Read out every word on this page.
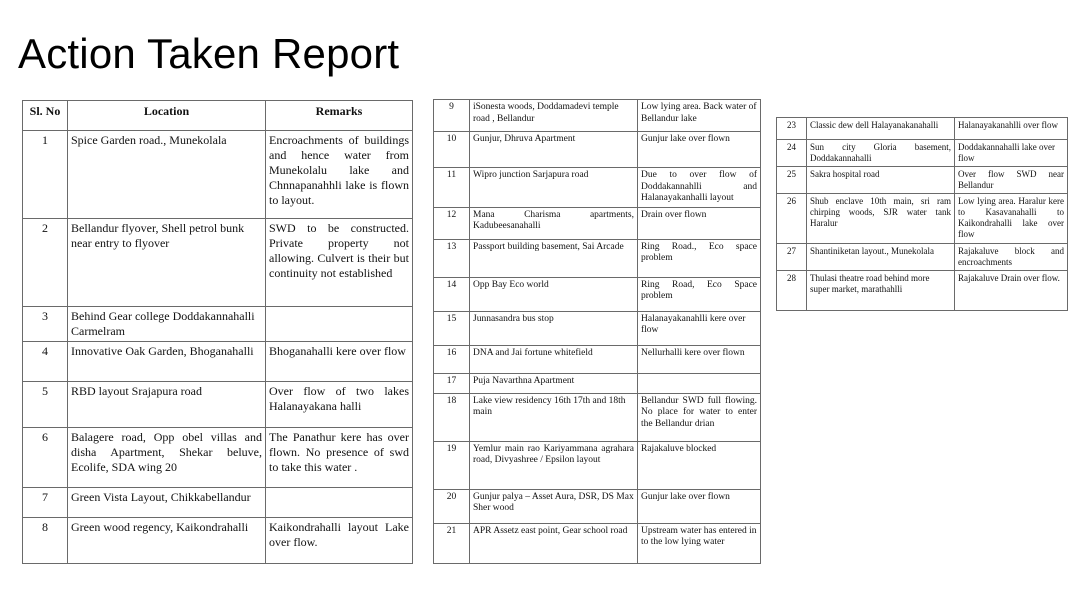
Action Taken Report
Sl. No	Location	Remarks
1	Spice Garden road., Munekolala	Encroachments of buildings and hence water from Munekolalu lake and Chnnapanahhli lake is flown to layout.
2	Bellandur flyover, Shell petrol bunk near entry to flyover	SWD to be constructed. Private property not allowing. Culvert is their but continuity not established
3	Behind Gear college Doddakannahalli Carmelram	
4	Innovative Oak Garden, Bhoganahalli	Bhoganahalli kere over flow
5	RBD layout Srajapura road	Over flow of two lakes Halanayakana halli
6	Balagere road, Opp obel villas and disha Apartment, Shekar beluve, Ecolife, SDA wing 20	The Panathur kere has over flown. No presence of swd to take this water .
7	Green Vista Layout, Chikkabellandur	
8	Green wood regency, Kaikondrahalli	Kaikondrahalli layout Lake over flow.
9	iSonesta woods, Doddamadevi temple road , Bellandur	Low lying area. Back water of Bellandur lake
10	Gunjur, Dhruva Apartment	Gunjur lake over flown
11	Wipro junction Sarjapura road	Due to over flow of Doddakannahlli and Halanayakanhalli layout
12	Mana Charisma apartments, Kadubeesanahalli	Drain over flown
13	Passport building basement, Sai Arcade	Ring Road., Eco space problem
14	Opp Bay Eco world	Ring Road, Eco Space problem
15	Junnasandra bus stop	Halanayakanahlli kere over flow
16	DNA and Jai fortune whitefield	Nellurhalli kere over flown
17	Puja Navarthna Apartment	
18	Lake view residency 16th 17th and 18th main	Bellandur SWD full flowing. No place for water to enter the Bellandur drian
19	Yemlur main rao Kariyammana agrahara road, Divyashree / Epsilon layout	Rajakaluve blocked
20	Gunjur palya – Asset Aura, DSR, DS Max Sher wood	Gunjur lake over flown
21	APR Assetz east point, Gear school road	Upstream water has entered in to the low lying water
23	Classic dew dell Halayanakanahalli	Halanayakanahlli over flow
24	Sun city Gloria basement, Doddakannahalli	Doddakannahalli lake over flow
25	Sakra hospital road	Over flow SWD near Bellandur
26	Shub enclave 10th main, sri ram chirping woods, SJR water tank Haralur	Low lying area. Haralur kere to Kasavanahalli to Kaikondrahalli lake over flow
27	Shantiniketan layout., Munekolala	Rajakaluve block and encroachments
28	Thulasi theatre road behind more super market, marathahlli	Rajakaluve Drain over flow.
